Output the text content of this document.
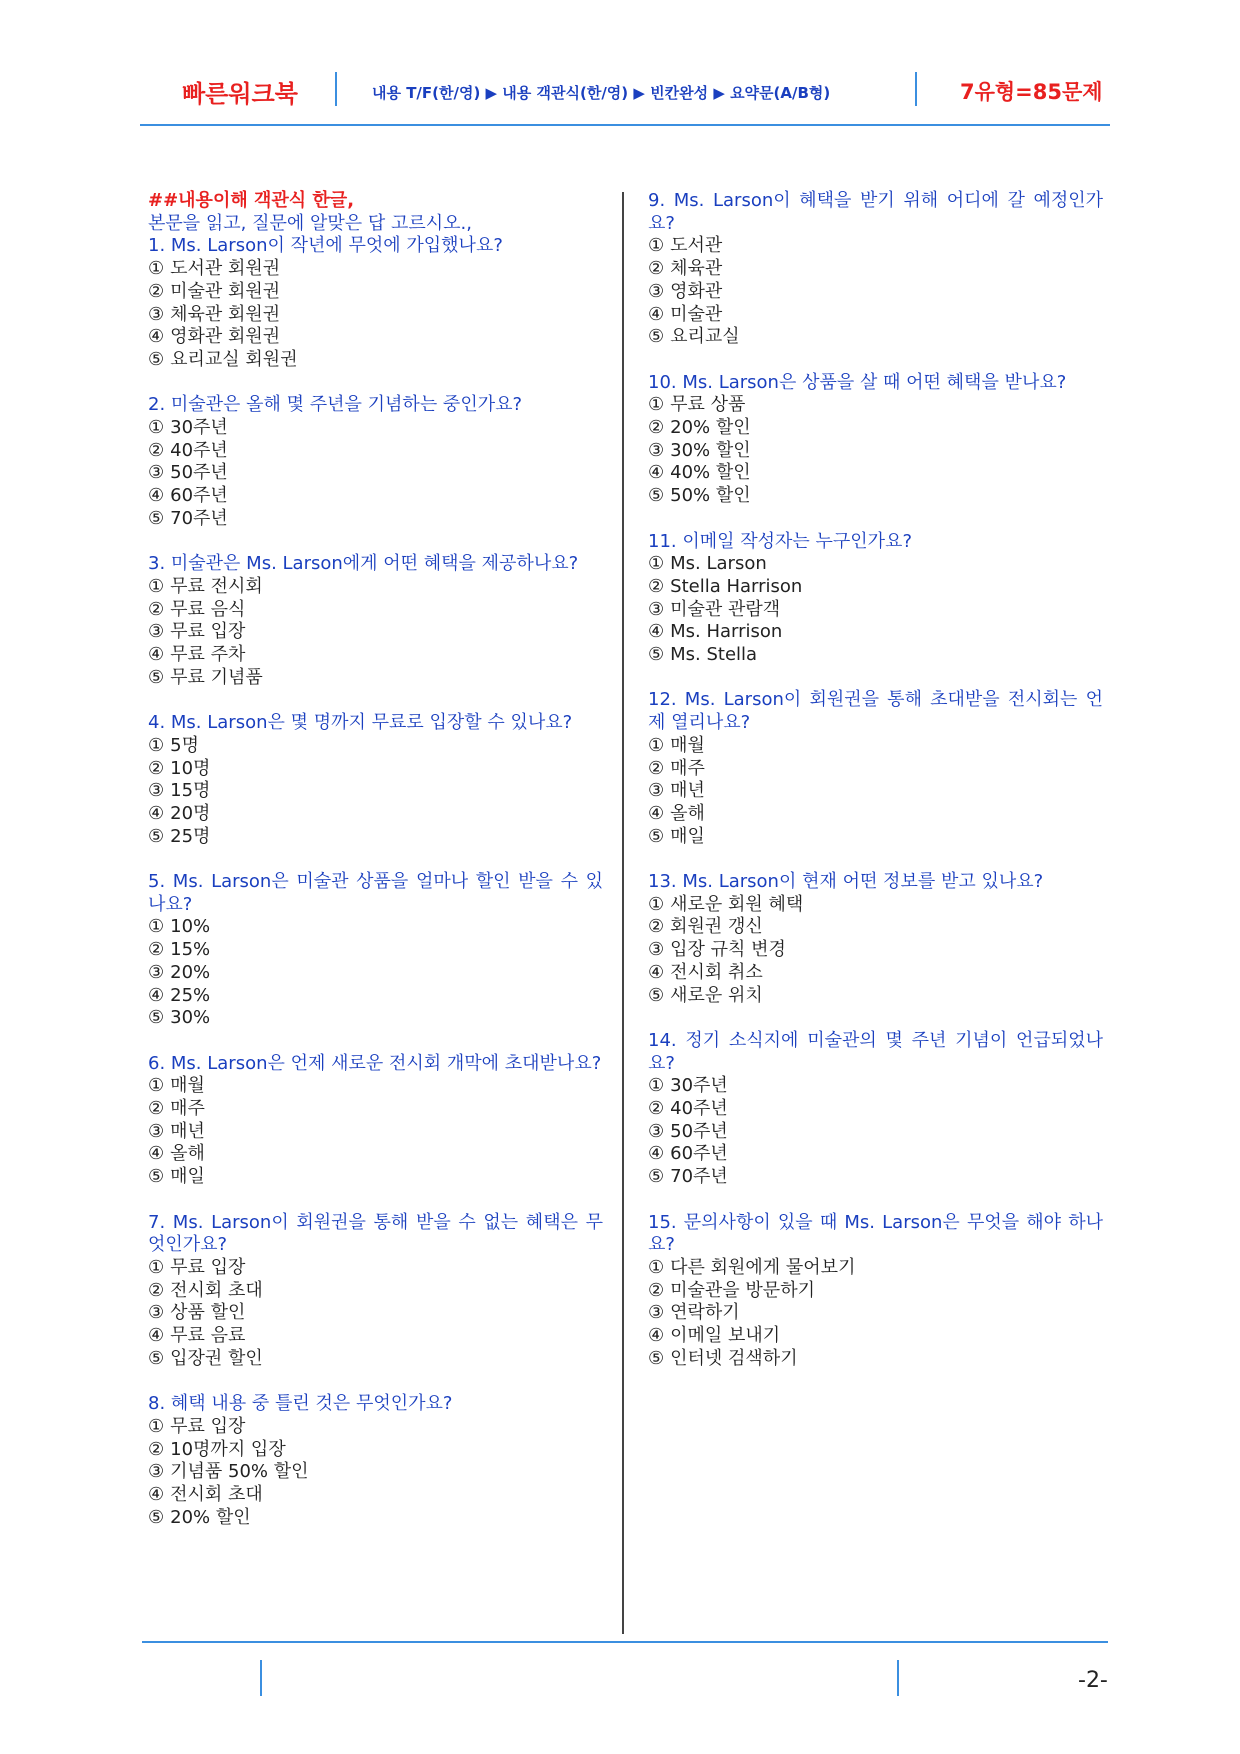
빠른워크북	내용 T/F(한/영) ▶ 내용 객관식(한/영) ▶ 빈칸완성 ▶ 요약문(A/B형)	7유형=85문제
##내용이해 객관식 한글,
본문을 읽고, 질문에 알맞은 답 고르시오.,
1. Ms. Larson이 작년에 무엇에 가입했나요?
① 도서관 회원권
② 미술관 회원권
③ 체육관 회원권
④ 영화관 회원권
⑤ 요리교실 회원권
2. 미술관은 올해 몇 주년을 기념하는 중인가요?
① 30주년
② 40주년
③ 50주년
④ 60주년
⑤ 70주년
3. 미술관은 Ms. Larson에게 어떤 혜택을 제공하나요?
① 무료 전시회
② 무료 음식
③ 무료 입장
④ 무료 주차
⑤ 무료 기념품
4. Ms. Larson은 몇 명까지 무료로 입장할 수 있나요?
① 5명
② 10명
③ 15명
④ 20명
⑤ 25명
5. Ms. Larson은 미술관 상품을 얼마나 할인 받을 수 있나요?
① 10%
② 15%
③ 20%
④ 25%
⑤ 30%
6. Ms. Larson은 언제 새로운 전시회 개막에 초대받나요?
① 매월
② 매주
③ 매년
④ 올해
⑤ 매일
7. Ms. Larson이 회원권을 통해 받을 수 없는 혜택은 무엇인가요?
① 무료 입장
② 전시회 초대
③ 상품 할인
④ 무료 음료
⑤ 입장권 할인
8. 혜택 내용 중 틀린 것은 무엇인가요?
① 무료 입장
② 10명까지 입장
③ 기념품 50% 할인
④ 전시회 초대
⑤ 20% 할인
9. Ms. Larson이 혜택을 받기 위해 어디에 갈 예정인가요?
① 도서관
② 체육관
③ 영화관
④ 미술관
⑤ 요리교실
10. Ms. Larson은 상품을 살 때 어떤 혜택을 받나요?
① 무료 상품
② 20% 할인
③ 30% 할인
④ 40% 할인
⑤ 50% 할인
11. 이메일 작성자는 누구인가요?
① Ms. Larson
② Stella Harrison
③ 미술관 관람객
④ Ms. Harrison
⑤ Ms. Stella
12. Ms. Larson이 회원권을 통해 초대받을 전시회는 언제 열리나요?
① 매월
② 매주
③ 매년
④ 올해
⑤ 매일
13. Ms. Larson이 현재 어떤 정보를 받고 있나요?
① 새로운 회원 혜택
② 회원권 갱신
③ 입장 규칙 변경
④ 전시회 취소
⑤ 새로운 위치
14. 정기 소식지에 미술관의 몇 주년 기념이 언급되었나요?
① 30주년
② 40주년
③ 50주년
④ 60주년
⑤ 70주년
15. 문의사항이 있을 때 Ms. Larson은 무엇을 해야 하나요?
① 다른 회원에게 물어보기
② 미술관을 방문하기
③ 연락하기
④ 이메일 보내기
⑤ 인터넷 검색하기
-2-
